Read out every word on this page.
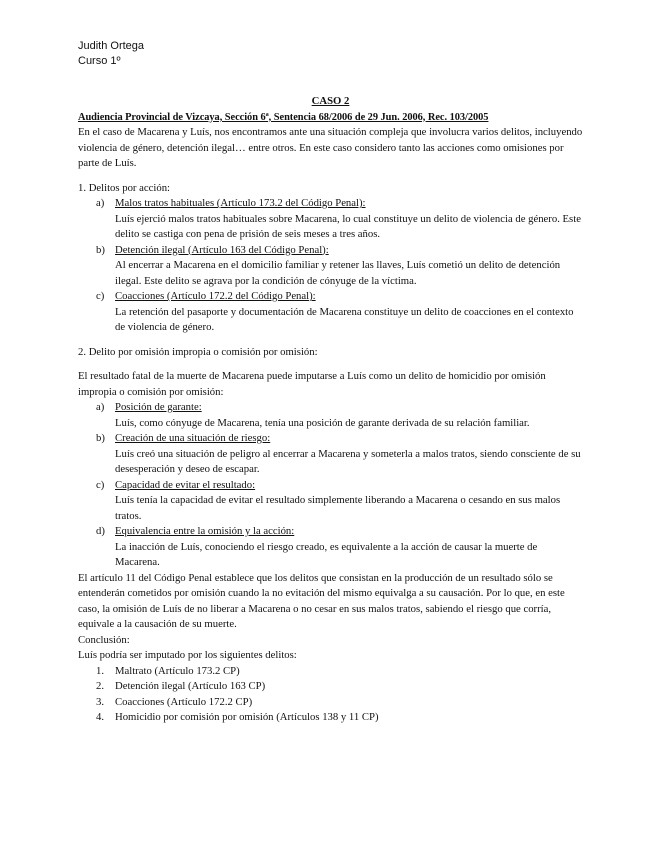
Judith Ortega
Curso 1º

CASO 2

Audiencia Provincial de Vizcaya, Sección 6ª, Sentencia 68/2006 de 29 Jun. 2006, Rec. 103/2005

En el caso de Macarena y Luís, nos encontramos ante una situación compleja que involucra varios delitos, incluyendo violencia de género, detención ilegal… entre otros. En este caso considero tanto las acciones como omisiones por parte de Luís.

1. Delitos por acción:

a) Malos tratos habituales (Artículo 173.2 del Código Penal):
Luís ejerció malos tratos habituales sobre Macarena, lo cual constituye un delito de violencia de género. Este delito se castiga con pena de prisión de seis meses a tres años.
b) Detención ilegal (Artículo 163 del Código Penal):
Al encerrar a Macarena en el domicilio familiar y retener las llaves, Luís cometió un delito de detención ilegal. Este delito se agrava por la condición de cónyuge de la víctima.
c) Coacciones (Artículo 172.2 del Código Penal):
La retención del pasaporte y documentación de Macarena constituye un delito de coacciones en el contexto de violencia de género.

2. Delito por omisión impropia o comisión por omisión:

El resultado fatal de la muerte de Macarena puede imputarse a Luís como un delito de homicidio por omisión impropia o comisión por omisión:

a) Posición de garante:
Luís, como cónyuge de Macarena, tenía una posición de garante derivada de su relación familiar.
b) Creación de una situación de riesgo:
Luís creó una situación de peligro al encerrar a Macarena y someterla a malos tratos, siendo consciente de su desesperación y deseo de escapar.
c) Capacidad de evitar el resultado:
Luís tenía la capacidad de evitar el resultado simplemente liberando a Macarena o cesando en sus malos tratos.
d) Equivalencia entre la omisión y la acción:
La inacción de Luís, conociendo el riesgo creado, es equivalente a la acción de causar la muerte de Macarena.

El artículo 11 del Código Penal establece que los delitos que consistan en la producción de un resultado sólo se entenderán cometidos por omisión cuando la no evitación del mismo equivalga a su causación. Por lo que, en este caso, la omisión de Luís de no liberar a Macarena o no cesar en sus malos tratos, sabiendo el riesgo que corría, equivale a la causación de su muerte.

Conclusión:

Luís podría ser imputado por los siguientes delitos:

1. Maltrato (Artículo 173.2 CP)
2. Detención ilegal (Artículo 163 CP)
3. Coacciones (Artículo 172.2 CP)
4. Homicidio por comisión por omisión (Artículos 138 y 11 CP)
